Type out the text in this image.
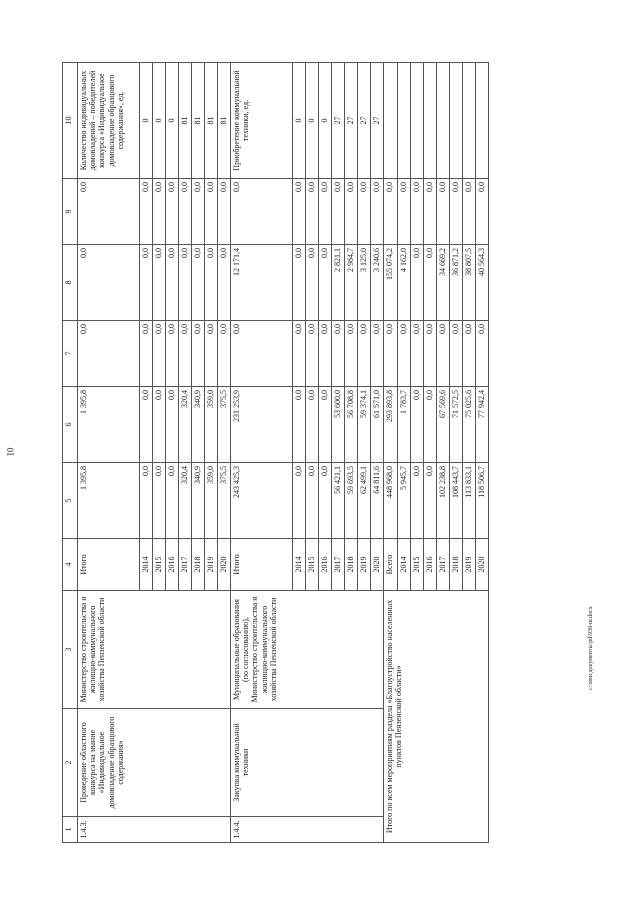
10
1	2	3	4	5	6	7	8	9	10
1.4.3.	Проведение областного конкурса на звание «Индивидуальное домовладение образцового содержания»	Министерство строительства и жилищно-коммунального хозяйства Пензенской области	Итого	1 395,8	1 395,8	0,0	0,0	0,0	Количество индивидуальных домовладений – победителей конкурса «Индивидуальное домовладение образцового содержания», ед.
			2014	0,0	0,0	0,0	0,0	0,0	0
			2015	0,0	0,0	0,0	0,0	0,0	0
			2016	0,0	0,0	0,0	0,0	0,0	0
			2017	320,4	320,4	0,0	0,0	0,0	81
			2018	340,9	340,9	0,0	0,0	0,0	81
			2019	359,0	359,0	0,0	0,0	0,0	81
			2020	375,5	375,5	0,0	0,0	0,0	81
1.4.4.	Закупка коммунальной техники	Муниципальные образования (по согласованию), Министерство строительства и жилищно-коммунального хозяйства Пензенской области	Итого	243 425,3	231 253,9	0,0	12 171,4	0,0	Приобретение коммунальной техники, ед.
			2014	0,0	0,0	0,0	0,0	0,0	0
			2015	0,0	0,0	0,0	0,0	0,0	0
			2016	0,0	0,0	0,0	0,0	0,0	0
			2017	56 421,1	53 600,0	0,0	2 821,1	0,0	27
			2018	59 693,5	56 708,8	0,0	2 984,7	0,0	27
			2019	62 499,1	59 374,1	0,0	3 125,0	0,0	27
			2020	64 811,6	61 571,0	0,0	3 240,6	0,0	27
Итого по всем мероприятиям раздела «Благоустройство населенных пунктов Пензенской области»			Всего	448 968,0	293 893,8	0,0	155 074,2	0,0	
			2014	5 945,7	1 783,7	0,0	4 162,0	0,0	
			2015	0,0	0,0	0,0	0,0	0,0	
			2016	0,0	0,0	0,0	0,0	0,0	
			2017	102 238,8	67 569,6	0,0	34 669,2	0,0	
			2018	108 443,7	71 572,5	0,0	36 871,2	0,0	
			2019	113 833,1	75 025,6	0,0	38 807,5	0,0	
			2020	118 506,7	77 942,4	0,0	40 564,3	0,0	
c:\мои документы\рd\938-ш.docx
